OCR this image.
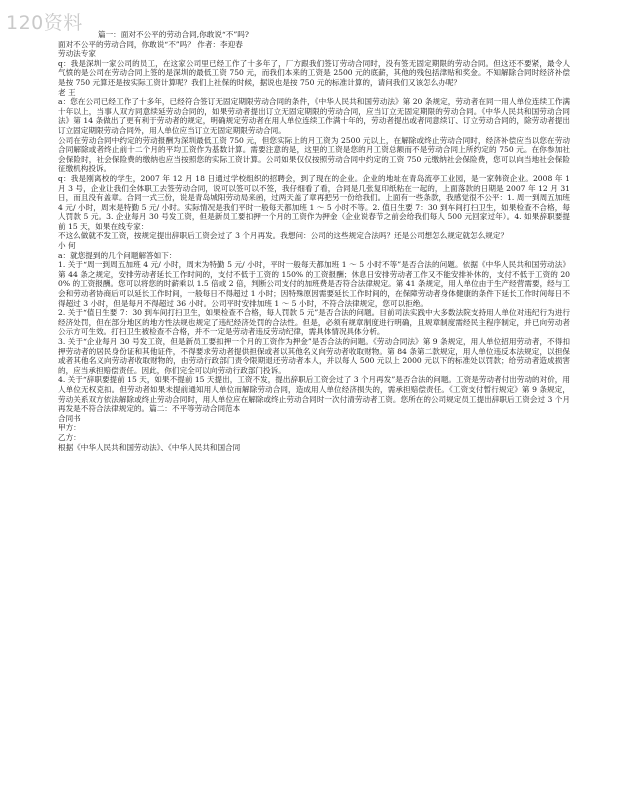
120资料

篇一：面对不公平的劳动合同,你敢说“不”吗?

面对不公平的劳动合同，你敢说“不”吗？ 作者：李迎春

劳动法专家

q：我是深圳一家公司的员工，在这家公司里已经工作了十多年了，厂方跟我们签订劳动合同时，没有签无固定期限的劳动合同。但这还不要紧，最令人气愤的是公司在劳动合同上签的是深圳的最低工资 750 元，而我们本来的工资是 2500 元的底薪，其他的残包括津贴和奖金。不知解除合同时经济补偿是按 750 元算还是按实际工资计算呢？我们上社保的时候，据说也是按 750 元的标准计算的，请问我们又该怎么办呢？

老 王

a：您在公司已经工作了十多年，已经符合签订无固定期限劳动合同的条件，《中华人民共和国劳动法》第 20 条规定，劳动者在同一用人单位连续工作满十年以上，当事人双方同意续延劳动合同的，如果劳动者提出订立无固定期限的劳动合同，应当订立无固定期限的劳动合同。《中华人民共和国劳动合同法》第 14 条做出了更有利于劳动者的规定，明确规定劳动者在用人单位连续工作满十年的，劳动者提出或者同意续订、订立劳动合同的，除劳动者提出订立固定期限劳动合同外，用人单位应当订立无固定期限劳动合同。

公司在劳动合同中约定的劳动报酬为深圳最低工资 750 元，但您实际上的月工资为 2500 元以上，在解除或终止劳动合同时，经济补偿应当以您在劳动合同解除或者终止前十二个月的平均工资作为基数计算。需要注意的是，这里的工资是您的月工资总额而不是劳动合同上所约定的 750 元。在你参加社会保险时，社会保险费的缴纳也应当按照您的实际工资计算。公司如果仅仅按照劳动合同中约定的工资 750 元缴纳社会保险费，您可以向当地社会保险征缴机构投诉。

q：我是刚离校的学生，2007 年 12 月 18 日通过学校组织的招聘会，到了现在的企业。企业的地址在青岛流亭工业园，是一家韩资企业。2008 年 1 月 3 号，企业让我们全体职工去签劳动合同，说可以签可以不签，我仔细看了看，合同是几张复印纸粘在一起的，上面落款的日期是 2007 年 12 月 31 日，而且没有盖章。合同一式三份，说是青岛城阳劳动局来函，过两天盖了章再把另一份给我们。上面有一些条款，我感觉很不公平：1. 周一到周五加班 4 元/ 小时，周末是特勤 5 元/ 小时。实际情况是我们平时一般每天都加班 1 ～ 5 小时不等。2. 值日生要 7：30 到车间打扫卫生，如果检查不合格，每人罚款 5 元。3. 企业每月 30 号发工资，但是新员工要扣押一个月的工资作为押金（企业说春节之前会给我们每人 500 元回家过年）。4. 如果辞职要提前 15 天，如果在线专家：

不这么做就不发工资，按规定提出辞职后工资会过了 3 个月再发。我想问：公司的这些规定合法吗？还是公司想怎么规定就怎么规定？

小 何

a：就您提到的几个问题解答如下：

1. 关于“周一到周五加班 4 元/ 小时，周末为特勤 5 元/ 小时，平时一般每天都加班 1 ～ 5 小时不等”是否合法的问题。依据《中华人民共和国劳动法》第 44 条之规定，安排劳动者延长工作时间的，支付不低于工资的 150% 的工资报酬；休息日安排劳动者工作又不能安排补休的，支付不低于工资的 200% 的工资报酬。您可以将您的时薪乘以 1.5 倍或 2 倍，判断公司支付的加班费是否符合法律规定。第 41 条规定，用人单位由于生产经营需要，经与工会和劳动者协商后可以延长工作时间，一般每日不得超过 1 小时；因特殊原因需要延长工作时间的，在保障劳动者身体健康的条件下延长工作时间每日不得超过 3 小时，但是每月不得超过 36 小时。公司平时安排加班 1 ～ 5 小时，不符合法律规定，您可以拒绝。

2. 关于“值日生要 7：30 到车间打扫卫生，如果检查不合格，每人罚款 5 元”是否合法的问题。目前司法实践中大多数法院支持用人单位对违纪行为进行经济处罚，但在部分地区的地方性法规也规定了违纪经济处罚的合法性。但是，必须有规章制度进行明确，且规章制度需经民主程序制定，并已向劳动者公示方可生效。打扫卫生被检查不合格，并不一定是劳动者违反劳动纪律，需具体情况具体分析。

3. 关于“企业每月 30 号发工资，但是新员工要扣押一个月的工资作为押金”是否合法的问题。《劳动合同法》第 9 条规定，用人单位招用劳动者，不得扣押劳动者的居民身份证和其他证件，不得要求劳动者提供担保或者以其他名义向劳动者收取财物。第 84 条第二款规定，用人单位违反本法规定，以担保或者其他名义向劳动者收取财物的，由劳动行政部门责令限期退还劳动者本人，并以每人 500 元以上 2000 元以下的标准处以罚款；给劳动者造成损害的，应当承担赔偿责任。因此，你们完全可以向劳动行政部门投诉。

4. 关于“辞职要提前 15 天，如果不提前 15 天提出，工资不发，提出辞职后工资会过了 3 个月再发”是否合法的问题。工资是劳动者付出劳动的对价，用人单位无权克扣。但劳动者如果未提前通知用人单位而解除劳动合同，造成用人单位经济损失的，需承担赔偿责任。《工资支付暂行规定》第 9 条规定，劳动关系双方依法解除或终止劳动合同时，用人单位应在解除或终止劳动合同时一次付清劳动者工资。您所在的公司规定员工提出辞职后工资会过 3 个月再发是不符合法律规定的。篇二：不平等劳动合同范本

合同书

甲方：

乙方：

根据《中华人民共和国劳动法》、《中华人民共和国合同
